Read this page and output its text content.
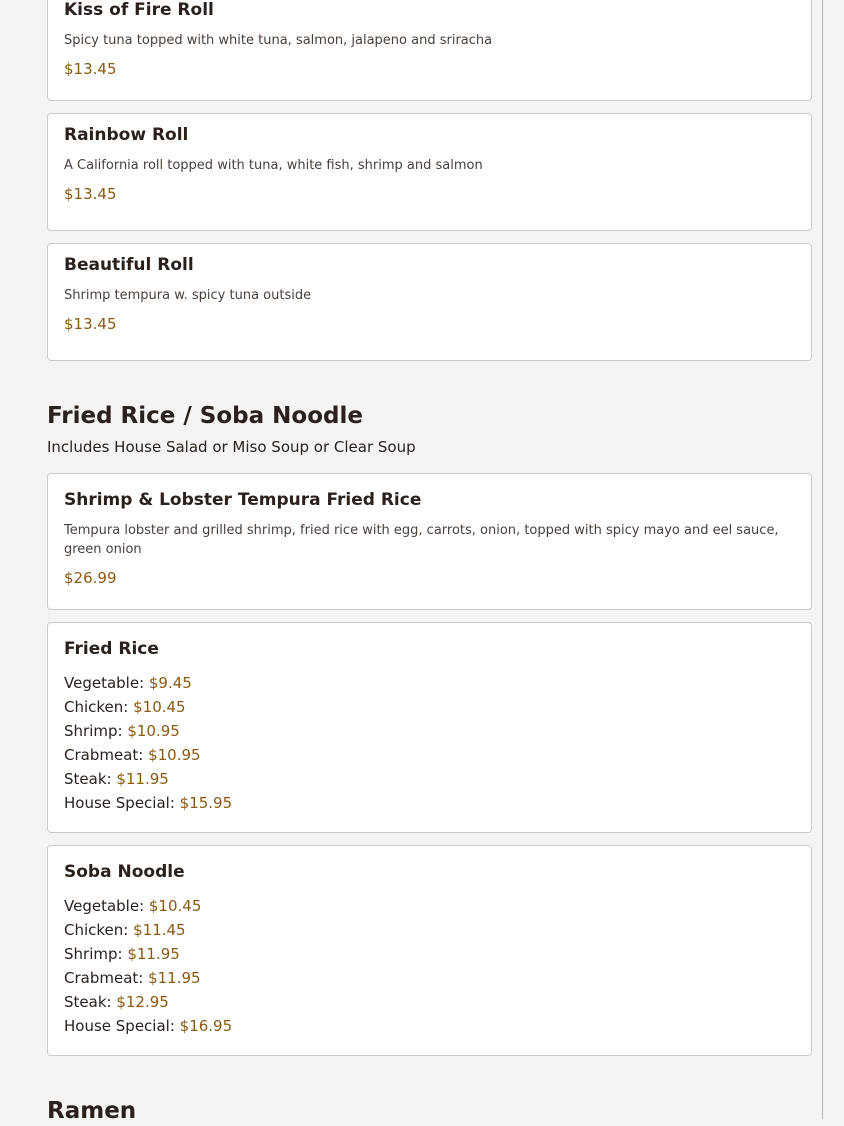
Kiss of Fire Roll

Spicy tuna topped with white tuna, salmon, jalapeno and sriracha

$13.45

Rainbow Roll

A California roll topped with tuna, white fish, shrimp and salmon

$13.45

Beautiful Roll

Shrimp tempura w. spicy tuna outside

$13.45

Fried Rice / Soba Noodle

Includes House Salad or Miso Soup or Clear Soup

Shrimp & Lobster Tempura Fried Rice

Tempura lobster and grilled shrimp, fried rice with egg, carrots, onion, topped with spicy mayo and eel sauce, green onion

$26.99

Fried Rice
Vegetable: $9.45
Chicken: $10.45
Shrimp: $10.95
Crabmeat: $10.95
Steak: $11.95
House Special: $15.95
Soba Noodle
Vegetable: $10.45
Chicken: $11.45
Shrimp: $11.95
Crabmeat: $11.95
Steak: $12.95
House Special: $16.95
Ramen
